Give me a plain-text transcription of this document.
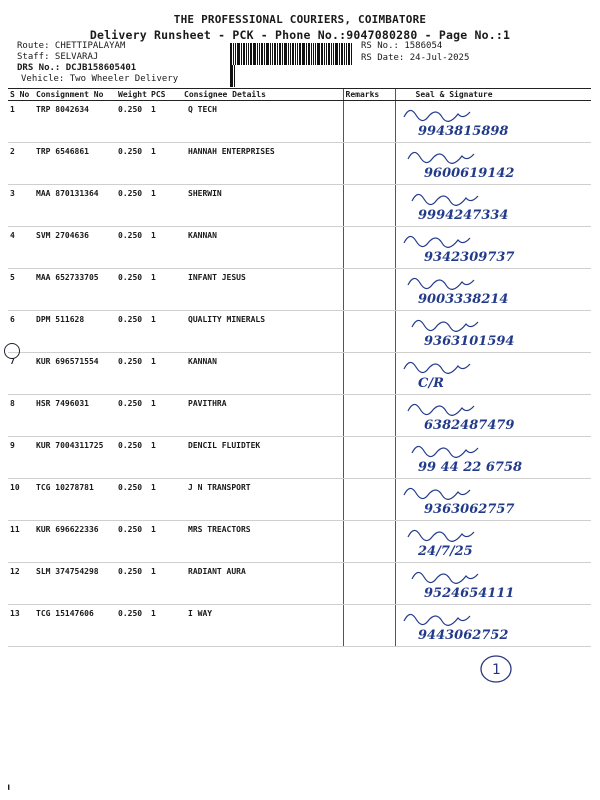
THE PROFESSIONAL COURIERS, COIMBATORE
Delivery Runsheet - PCK - Phone No.:9047080280 - Page No.:1
Route: CHETTIPALAYAM
Staff: SELVARAJ
DRS No.: DCJB158605401
Vehicle: Two Wheeler Delivery
RS No.: 1586054
RS Date: 24-Jul-2025
S No	Consignment No	Weight	PCS	Consignee Details	Remarks	Seal & Signature
1	TRP 8042634	0.250	1	Q TECH		9943815898

2	TRP 6546861	0.250	1	HANNAH ENTERPRISES		9600619142

3	MAA 870131364	0.250	1	SHERWIN		9994247334

4	SVM 2704636	0.250	1	KANNAN		9342309737

5	MAA 652733705	0.250	1	INFANT JESUS		9003338214

6	DPM 511628	0.250	1	QUALITY MINERALS		9363101594

7	KUR 696571554	0.250	1	KANNAN		C/R

8	HSR 7496031	0.250	1	PAVITHRA		6382487479

9	KUR 7004311725	0.250	1	DENCIL FLUIDTEK		99 44 22 6758

10	TCG 10278781	0.250	1	J N TRANSPORT		9363062757

11	KUR 696622336	0.250	1	MRS TREACTORS		24/7/25

12	SLM 374754298	0.250	1	RADIANT AURA		9524654111

13	TCG 15147606	0.250	1	I WAY		9443062752
1
╹
